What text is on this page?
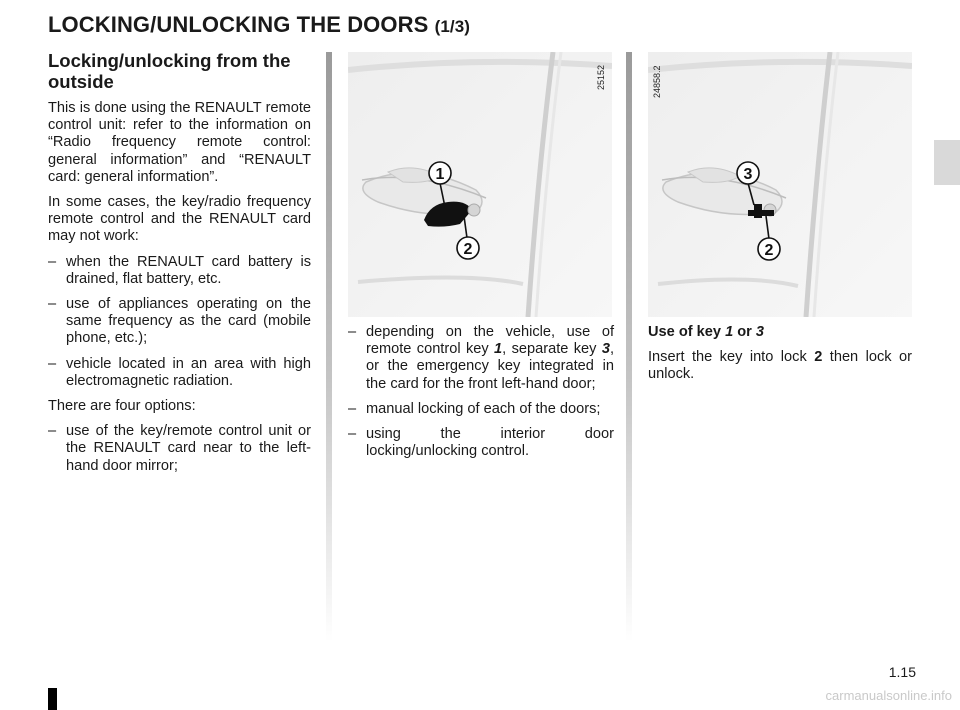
LOCKING/UNLOCKING THE DOORS (1/3)
Locking/unlocking from the outside

This is done using the RENAULT remote control unit: refer to the information on “Radio frequency remote control: general information” and “RENAULT card: general information”.

In some cases, the key/radio frequency remote control and the RENAULT card may not work:

– when the RENAULT card battery is drained, flat battery, etc.
– use of appliances operating on the same frequency as the card (mobile phone, etc.);
– vehicle located in an area with high electromagnetic radiation.

There are four options:

– use of the key/remote control unit or the RENAULT card near to the left-hand door mirror;
1
2
25152
3
2
24858.2
– depending on the vehicle, use of remote control key 1, separate key 3, or the emergency key integrated in the card for the front left-hand door;
– manual locking of each of the doors;
– using the interior door locking/unlocking control.
Use of key 1 or 3

Insert the key into lock 2 then lock or unlock.

1.15
carmanualsonline.info
